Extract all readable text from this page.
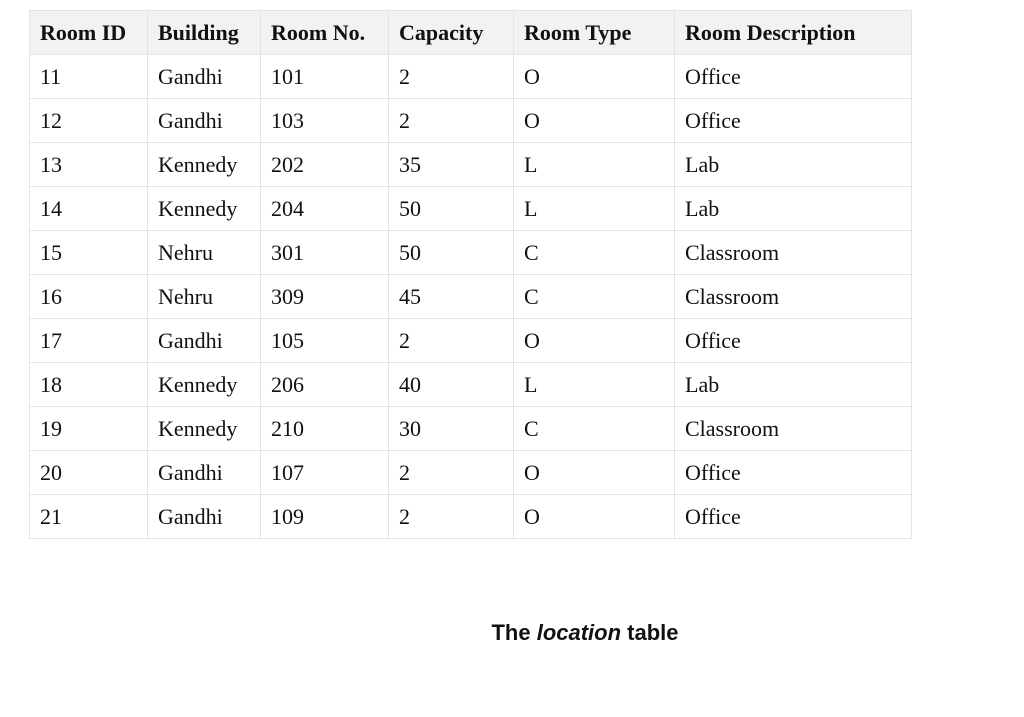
Room ID	Building	Room No.	Capacity	Room Type	Room Description
11	Gandhi	101	2	O	Office
12	Gandhi	103	2	O	Office
13	Kennedy	202	35	L	Lab
14	Kennedy	204	50	L	Lab
15	Nehru	301	50	C	Classroom
16	Nehru	309	45	C	Classroom
17	Gandhi	105	2	O	Office
18	Kennedy	206	40	L	Lab
19	Kennedy	210	30	C	Classroom
20	Gandhi	107	2	O	Office
21	Gandhi	109	2	O	Office
The location table
